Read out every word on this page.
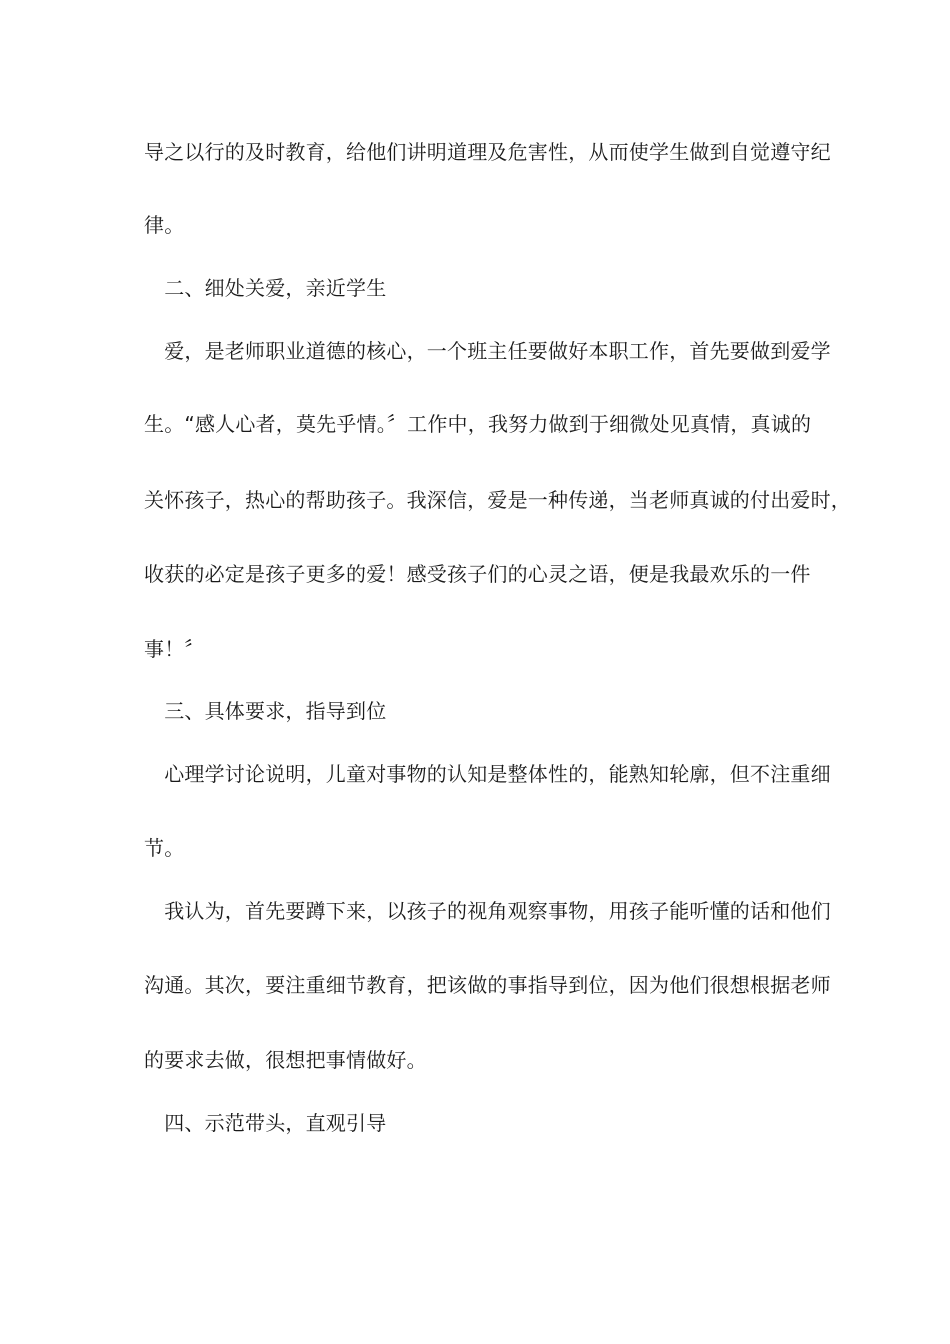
导之以行的及时教育，给他们讲明道理及危害性，从而使学生做到自觉遵守纪
律。
　二、细处关爱，亲近学生
　爱，是老师职业道德的核心，一个班主任要做好本职工作，首先要做到爱学
生。“感人心者，莫先乎情。〞工作中，我努力做到于细微处见真情，真诚的
关怀孩子，热心的帮助孩子。我深信，爱是一种传递，当老师真诚的付出爱时，
收获的必定是孩子更多的爱！感受孩子们的心灵之语，便是我最欢乐的一件
事！〞
　三、具体要求，指导到位
　心理学讨论说明，儿童对事物的认知是整体性的，能熟知轮廓，但不注重细
节。
　我认为，首先要蹲下来，以孩子的视角观察事物，用孩子能听懂的话和他们
沟通。其次，要注重细节教育，把该做的事指导到位，因为他们很想根据老师
的要求去做，很想把事情做好。
　四、示范带头，直观引导
